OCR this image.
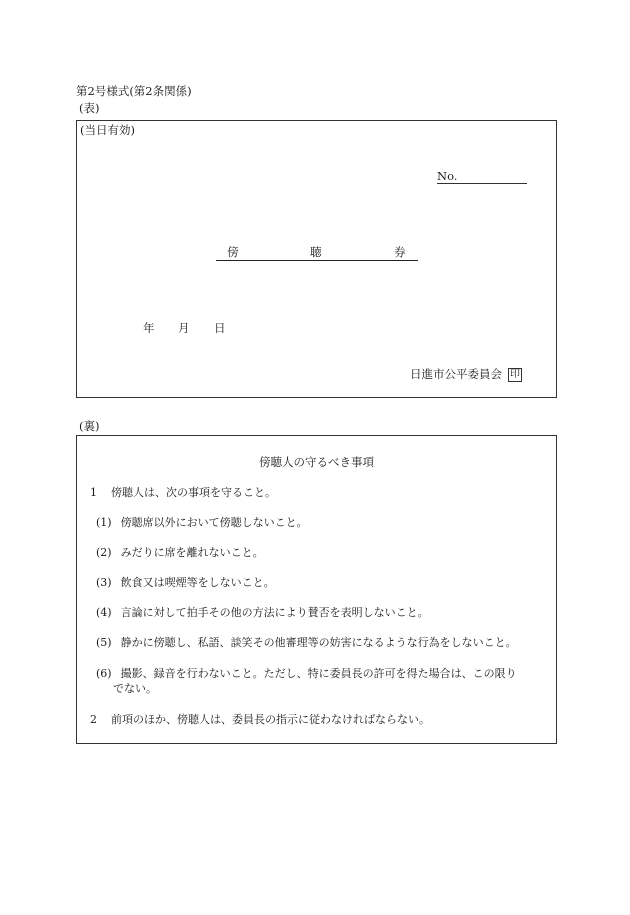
第2号様式(第2条関係)
(表)
(当日有効)
No.
傍	聴	券
年 月 日
日進市公平委員会 印
(裏)
傍聴人の守るべき事項
1 傍聴人は、次の事項を守ること。
(1) 傍聴席以外において傍聴しないこと。
(2) みだりに席を離れないこと。
(3) 飲食又は喫煙等をしないこと。
(4) 言論に対して拍手その他の方法により賛否を表明しないこと。
(5) 静かに傍聴し、私語、談笑その他審理等の妨害になるような行為をしないこと。
(6) 撮影、録音を行わないこと。ただし、特に委員長の許可を得た場合は、この限り
でない。
2 前項のほか、傍聴人は、委員長の指示に従わなければならない。
